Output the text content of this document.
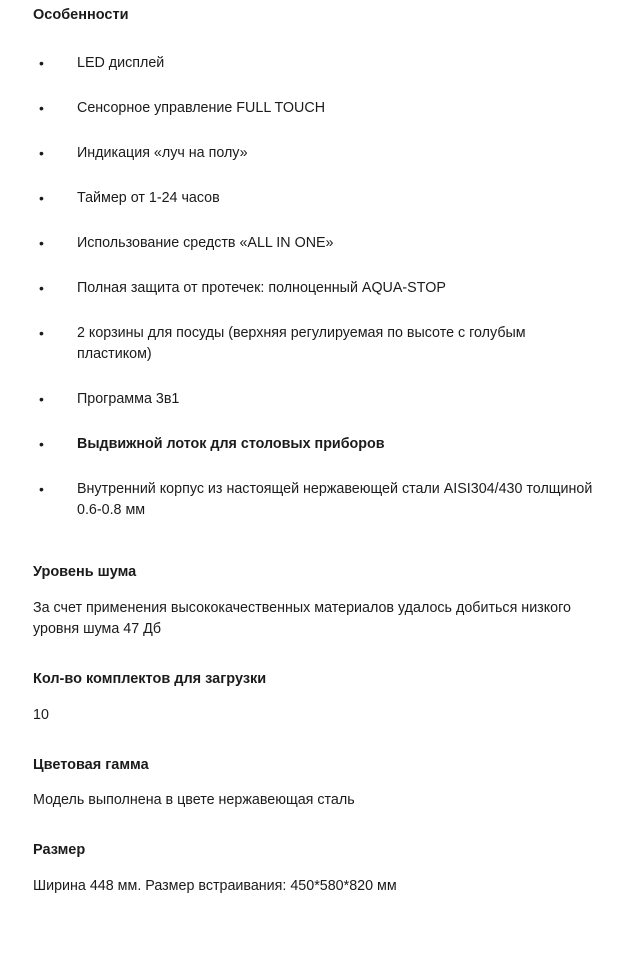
Особенности
•	LED дисплей
•	Сенсорное управление FULL TOUCH
•	Индикация «луч на полу»
•	Таймер от 1-24 часов
•	Использование средств «ALL IN ONE»
•	Полная защита от протечек: полноценный AQUA-STOP
•	2 корзины для посуды (верхняя регулируемая по высоте с голубым пластиком)
•	Программа 3в1
•	Выдвижной лоток для столовых приборов
•	Внутренний корпус из настоящей нержавеющей стали AISI304/430 толщиной 0.6-0.8 мм
Уровень шума

За счет применения высококачественных материалов удалось добиться низкого уровня шума 47 Дб

Кол-во комплектов для загрузки

10

Цветовая гамма

Модель выполнена в цвете нержавеющая сталь

Размер

Ширина 448 мм. Размер встраивания: 450*580*820 мм
